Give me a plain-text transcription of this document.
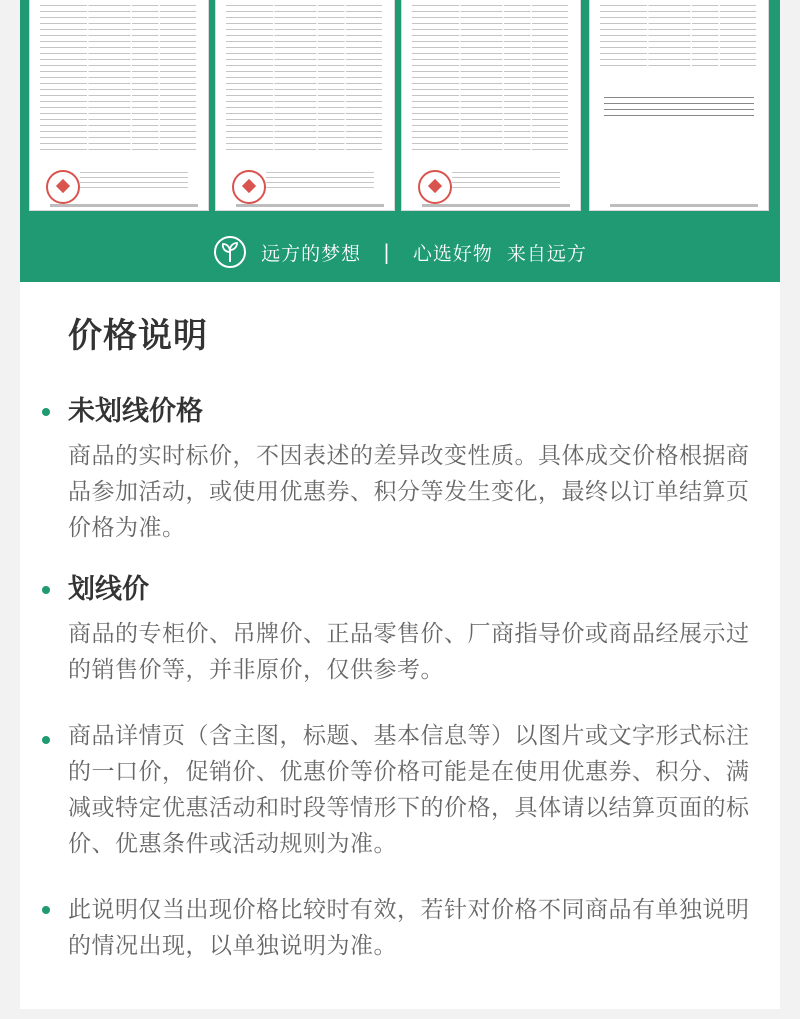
远方的梦想 | 心选好物 来自远方
价格说明
未划线价格

商品的实时标价，不因表述的差异改变性质。具体成交价格根据商品参加活动，或使用优惠券、积分等发生变化，最终以订单结算页价格为准。

划线价

商品的专柜价、吊牌价、正品零售价、厂商指导价或商品经展示过的销售价等，并非原价，仅供参考。

商品详情页（含主图，标题、基本信息等）以图片或文字形式标注的一口价，促销价、优惠价等价格可能是在使用优惠券、积分、满减或特定优惠活动和时段等情形下的价格，具体请以结算页面的标价、优惠条件或活动规则为准。

此说明仅当出现价格比较时有效，若针对价格不同商品有单独说明的情况出现，以单独说明为准。
